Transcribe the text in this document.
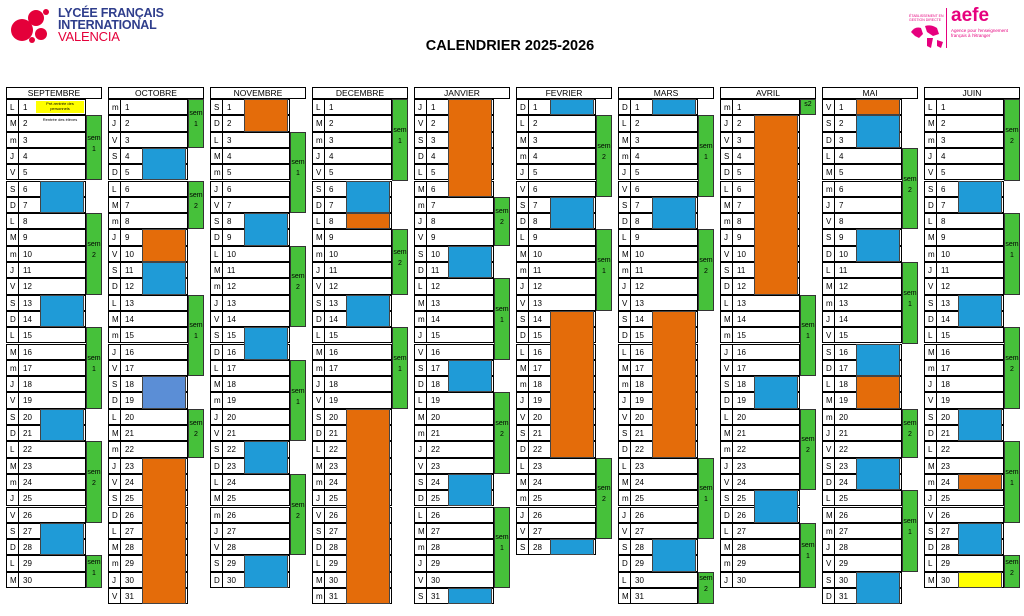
LYCÉE FRANÇAIS
INTERNATIONAL
VALENCIA
ÉTABLISSEMENT EN GESTION DIRECTE aefe
Agence pour l'enseignement français à l'étranger
CALENDRIER 2025-2026
SEPTEMBRE
L 1
M 2
m 3
J 4
V 5
S 6
D 7
L 8
M 9
m 10
J 11
V 12
S 13
D 14
L 15
M 16
m 17
J 18
V 19
S 20
D 21
L 22
M 23
m 24
J 25
V 26
S 27
D 28
L 29
M 30
Pré-rentrée des personnels
Rentrée des élèves
sem
1
sem
2
sem
1
sem
2
sem
1
OCTOBRE
m 1
J 2
V 3
S 4
D 5
L 6
M 7
m 8
J 9
V 10
S 11
D 12
L 13
M 14
m 15
J 16
V 17
S 18
D 19
L 20
M 21
m 22
J 23
V 24
S 25
D 26
L 27
M 28
m 29
J 30
V 31
sem
1
sem
2
sem
1
sem
2
NOVEMBRE
S 1
D 2
L 3
M 4
m 5
J 6
V 7
S 8
D 9
L 10
M 11
m 12
J 13
V 14
S 15
D 16
L 17
M 18
m 19
J 20
V 21
S 22
D 23
L 24
M 25
m 26
J 27
V 28
S 29
D 30
sem
1
sem
2
sem
1
sem
2
DECEMBRE
L 1
M 2
m 3
J 4
V 5
S 6
D 7
L 8
M 9
m 10
J 11
V 12
S 13
D 14
L 15
M 16
m 17
J 18
V 19
S 20
D 21
L 22
M 23
m 24
J 25
V 26
S 27
D 28
L 29
M 30
m 31
sem
1
sem
2
sem
1
JANVIER
J 1
V 2
S 3
D 4
L 5
M 6
m 7
J 8
V 9
S 10
D 11
L 12
M 13
m 14
J 15
V 16
S 17
D 18
L 19
M 20
m 21
J 22
V 23
S 24
D 25
L 26
M 27
m 28
J 29
V 30
S 31
sem
2
sem
1
sem
2
sem
1
FEVRIER
D 1
L 2
M 3
m 4
J 5
V 6
S 7
D 8
L 9
M 10
m 11
J 12
V 13
S 14
D 15
L 16
M 17
m 18
J 19
V 20
S 21
D 22
L 23
M 24
m 25
J 26
V 27
S 28
sem
2
sem
1
sem
2
MARS
D 1
L 2
M 3
m 4
J 5
V 6
S 7
D 8
L 9
M 10
m 11
J 12
V 13
S 14
D 15
L 16
M 17
m 18
J 19
V 20
S 21
D 22
L 23
M 24
m 25
J 26
V 27
S 28
D 29
L 30
M 31
sem
1
sem
2
sem
1
sem
2
AVRIL
m 1
J 2
V 3
S 4
D 5
L 6
M 7
m 8
J 9
V 10
S 11
D 12
L 13
M 14
m 15
J 16
V 17
S 18
D 19
L 20
M 21
m 22
J 23
V 24
S 25
D 26
L 27
M 28
m 29
J 30
s2
sem
1
sem
2
sem
1
MAI
V 1
S 2
D 3
L 4
M 5
m 6
J 7
V 8
S 9
D 10
L 11
M 12
m 13
J 14
V 15
S 16
D 17
L 18
M 19
m 20
J 21
V 22
S 23
D 24
L 25
M 26
m 27
J 28
V 29
S 30
D 31
sem
2
sem
1
sem
2
sem
1
JUIN
L 1
M 2
m 3
J 4
V 5
S 6
D 7
L 8
M 9
m 10
J 11
V 12
S 13
D 14
L 15
M 16
m 17
J 18
V 19
S 20
D 21
L 22
M 23
m 24
J 25
V 26
S 27
D 28
L 29
M 30
sem
2
sem
1
sem
2
sem
1
sem
2
